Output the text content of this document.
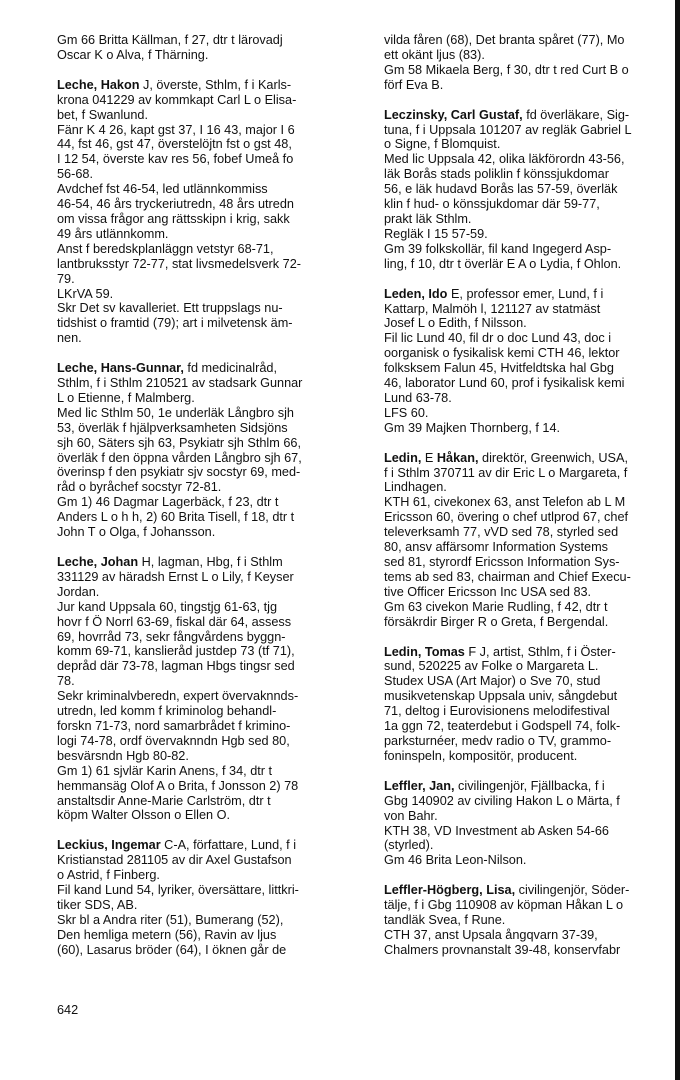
Gm 66 Britta Källman, f 27, dtr t lärovadj
Oscar K o Alva, f Thärning.

Leche, Hakon J, överste, Sthlm, f i Karls-
krona 041229 av kommkapt Carl L o Elisa-
bet, f Swanlund.
Fänr K 4 26, kapt gst 37, I 16 43, major I 6
44, fst 46, gst 47, överstelöjtn fst o gst 48,
I 12 54, överste kav res 56, fobef Umeå fo
56-68.
Avdchef fst 46-54, led utlännkommiss
46-54, 46 års tryckeriutredn, 48 års utredn
om vissa frågor ang rättsskipn i krig, sakk
49 års utlännkomm.
Anst f beredskplanläggn vetstyr 68-71,
lantbruksstyr 72-77, stat livsmedelsverk 72-
79.
LKrVA 59.
Skr Det sv kavalleriet. Ett truppslags nu-
tidshist o framtid (79); art i milvetensk äm-
nen.

Leche, Hans-Gunnar, fd medicinalråd,
Sthlm, f i Sthlm 210521 av stadsark Gunnar
L o Etienne, f Malmberg.
Med lic Sthlm 50, 1e underläk Långbro sjh
53, överläk f hjälpverksamheten Sidsjöns
sjh 60, Säters sjh 63, Psykiatr sjh Sthlm 66,
överläk f den öppna vården Långbro sjh 67,
överinsp f den psykiatr sjv socstyr 69, med-
råd o byråchef socstyr 72-81.
Gm 1) 46 Dagmar Lagerbäck, f 23, dtr t
Anders L o h h, 2) 60 Brita Tisell, f 18, dtr t
John T o Olga, f Johansson.

Leche, Johan H, lagman, Hbg, f i Sthlm
331129 av häradsh Ernst L o Lily, f Keyser
Jordan.
Jur kand Uppsala 60, tingstjg 61-63, tjg
hovr f Ö Norrl 63-69, fiskal där 64, assess
69, hovrråd 73, sekr fångvårdens byggn-
komm 69-71, kanslieråd justdep 73 (tf 71),
depråd där 73-78, lagman Hbgs tingsr sed
78.
Sekr kriminalvberedn, expert övervaknnds-
utredn, led komm f kriminolog behandl-
forskn 71-73, nord samarbrådet f krimino-
logi 74-78, ordf övervaknndn Hgb sed 80,
besvärsndn Hgb 80-82.
Gm 1) 61 sjvlär Karin Anens, f 34, dtr t
hemmansäg Olof A o Brita, f Jonsson 2) 78
anstaltsdir Anne-Marie Carlström, dtr t
köpm Walter Olsson o Ellen O.

Leckius, Ingemar C-A, författare, Lund, f i
Kristianstad 281105 av dir Axel Gustafson
o Astrid, f Finberg.
Fil kand Lund 54, lyriker, översättare, littkri-
tiker SDS, AB.
Skr bl a Andra riter (51), Bumerang (52),
Den hemliga metern (56), Ravin av ljus
(60), Lasarus bröder (64), I öknen går de

vilda fåren (68), Det branta spåret (77), Mo
ett okänt ljus (83).
Gm 58 Mikaela Berg, f 30, dtr t red Curt B o
förf Eva B.

Leczinsky, Carl Gustaf, fd överläkare, Sig-
tuna, f i Uppsala 101207 av regläk Gabriel L
o Signe, f Blomquist.
Med lic Uppsala 42, olika läkförordn 43-56,
läk Borås stads poliklin f könssjukdomar
56, e läk hudavd Borås las 57-59, överläk
klin f hud- o könssjukdomar där 59-77,
prakt läk Sthlm.
Regläk I 15 57-59.
Gm 39 folkskollär, fil kand Ingegerd Asp-
ling, f 10, dtr t överlär E A o Lydia, f Ohlon.

Leden, Ido E, professor emer, Lund, f i
Kattarp, Malmöh l, 121127 av statmäst
Josef L o Edith, f Nilsson.
Fil lic Lund 40, fil dr o doc Lund 43, doc i
oorganisk o fysikalisk kemi CTH 46, lektor
folksksem Falun 45, Hvitfeldtska hal Gbg
46, laborator Lund 60, prof i fysikalisk kemi
Lund 63-78.
LFS 60.
Gm 39 Majken Thornberg, f 14.

Ledin, E Håkan, direktör, Greenwich, USA,
f i Sthlm 370711 av dir Eric L o Margareta, f
Lindhagen.
KTH 61, civekonex 63, anst Telefon ab L M
Ericsson 60, övering o chef utlprod 67, chef
televerksamh 77, vVD sed 78, styrled sed
80, ansv affärsomr Information Systems
sed 81, styrordf Ericsson Information Sys-
tems ab sed 83, chairman and Chief Execu-
tive Officer Ericsson Inc USA sed 83.
Gm 63 civekon Marie Rudling, f 42, dtr t
försäkrdir Birger R o Greta, f Bergendal.

Ledin, Tomas F J, artist, Sthlm, f i Öster-
sund, 520225 av Folke o Margareta L.
Studex USA (Art Major) o Sve 70, stud
musikvetenskap Uppsala univ, sångdebut
71, deltog i Eurovisionens melodifestival
1a ggn 72, teaterdebut i Godspell 74, folk-
parksturnéer, medv radio o TV, grammo-
foninspeln, kompositör, producent.

Leffler, Jan, civilingenjör, Fjällbacka, f i
Gbg 140902 av civiling Hakon L o Märta, f
von Bahr.
KTH 38, VD Investment ab Asken 54-66
(styrled).
Gm 46 Brita Leon-Nilson.

Leffler-Högberg, Lisa, civilingenjör, Söder-
tälje, f i Gbg 110908 av köpman Håkan L o
tandläk Svea, f Rune.
CTH 37, anst Upsala ångqvarn 37-39,
Chalmers provnanstalt 39-48, konservfabr

642
